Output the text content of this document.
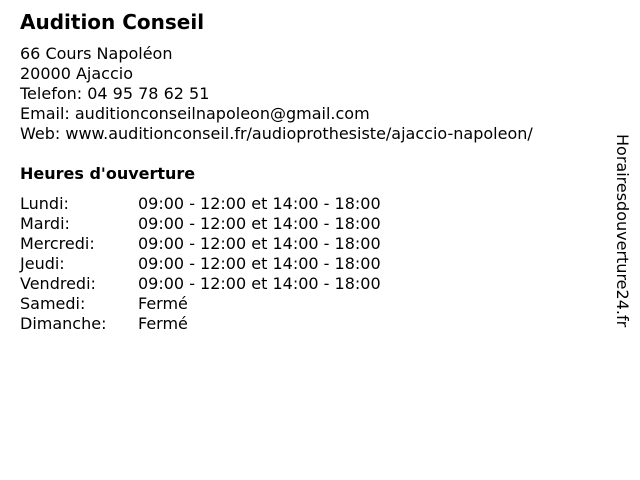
Audition Conseil
66 Cours Napoléon
20000 Ajaccio
Telefon: 04 95 78 62 51
Email: auditionconseilnapoleon@gmail.com
Web: www.auditionconseil.fr/audioprothesiste/ajaccio-napoleon/
Heures d'ouverture
Lundi:	09:00 - 12:00 et 14:00 - 18:00
Mardi:	09:00 - 12:00 et 14:00 - 18:00
Mercredi:	09:00 - 12:00 et 14:00 - 18:00
Jeudi:	09:00 - 12:00 et 14:00 - 18:00
Vendredi:	09:00 - 12:00 et 14:00 - 18:00
Samedi:	Fermé
Dimanche:	Fermé	Horairesdouverture24.fr
